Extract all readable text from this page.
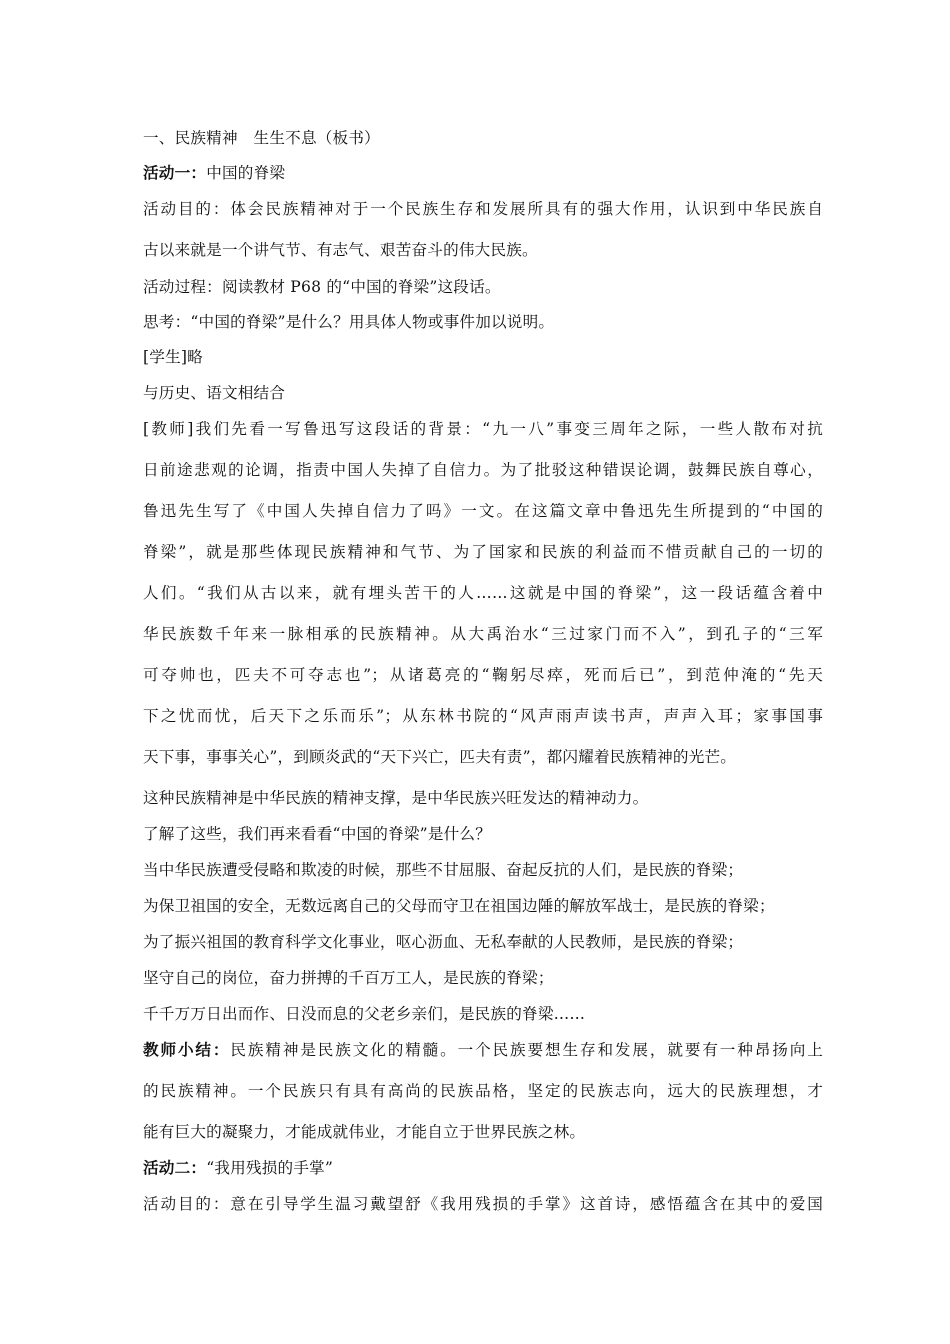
一、民族精神　生生不息（板书）
活动一：中国的脊梁
活动目的：体会民族精神对于一个民族生存和发展所具有的强大作用，认识到中华民族自
古以来就是一个讲气节、有志气、艰苦奋斗的伟大民族。
活动过程：阅读教材 P68 的“中国的脊梁”这段话。
思考：“中国的脊梁”是什么？用具体人物或事件加以说明。
[学生]略
与历史、语文相结合
[教师]我们先看一写鲁迅写这段话的背景：“九一八”事变三周年之际，一些人散布对抗
日前途悲观的论调，指责中国人失掉了自信力。为了批驳这种错误论调，鼓舞民族自尊心，
鲁迅先生写了《中国人失掉自信力了吗》一文。在这篇文章中鲁迅先生所提到的“中国的
脊梁”，就是那些体现民族精神和气节、为了国家和民族的利益而不惜贡献自己的一切的
人们。“我们从古以来，就有埋头苦干的人……这就是中国的脊梁”，这一段话蕴含着中
华民族数千年来一脉相承的民族精神。从大禹治水“三过家门而不入”，到孔子的“三军
可夺帅也，匹夫不可夺志也”；从诸葛亮的“鞠躬尽瘁，死而后已”，到范仲淹的“先天
下之忧而忧，后天下之乐而乐”；从东林书院的“风声雨声读书声，声声入耳；家事国事
天下事，事事关心”，到顾炎武的“天下兴亡，匹夫有责”，都闪耀着民族精神的光芒。
这种民族精神是中华民族的精神支撑，是中华民族兴旺发达的精神动力。
了解了这些，我们再来看看“中国的脊梁”是什么？
当中华民族遭受侵略和欺凌的时候，那些不甘屈服、奋起反抗的人们，是民族的脊梁；
为保卫祖国的安全，无数远离自己的父母而守卫在祖国边陲的解放军战士，是民族的脊梁；
为了振兴祖国的教育科学文化事业，呕心沥血、无私奉献的人民教师，是民族的脊梁；
坚守自己的岗位，奋力拼搏的千百万工人，是民族的脊梁；
千千万万日出而作、日没而息的父老乡亲们，是民族的脊梁……
教师小结：民族精神是民族文化的精髓。一个民族要想生存和发展，就要有一种昂扬向上
的民族精神。一个民族只有具有高尚的民族品格，坚定的民族志向，远大的民族理想，才
能有巨大的凝聚力，才能成就伟业，才能自立于世界民族之林。
活动二：“我用残损的手掌”
活动目的：意在引导学生温习戴望舒《我用残损的手掌》这首诗，感悟蕴含在其中的爱国
